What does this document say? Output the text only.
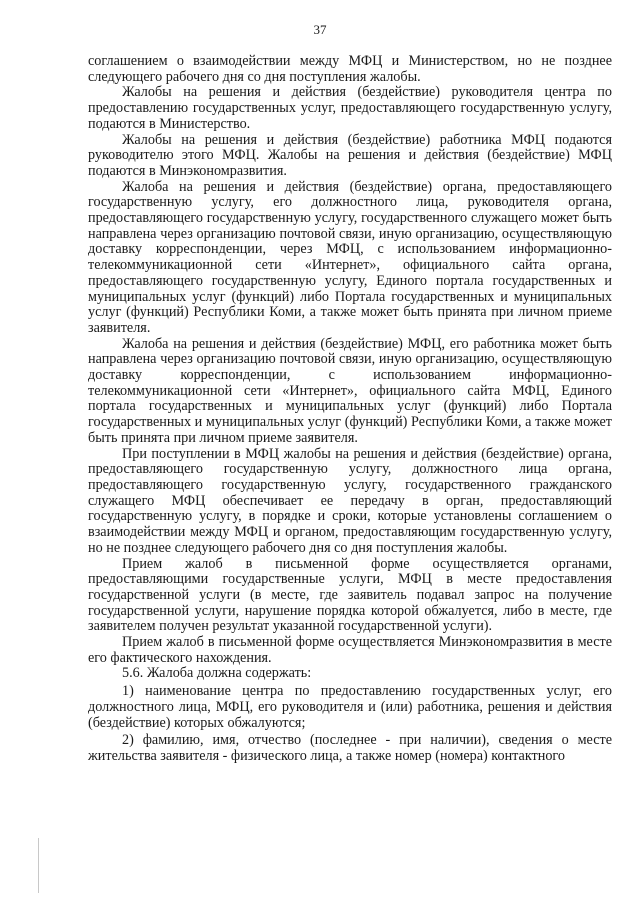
37

соглашением о взаимодействии между МФЦ и Министерством, но не позднее следующего рабочего дня со дня поступления жалобы.

Жалобы на решения и действия (бездействие) руководителя центра по предоставлению государственных услуг, предоставляющего государственную услугу, подаются в Министерство.

Жалобы на решения и действия (бездействие) работника МФЦ подаются руководителю этого МФЦ. Жалобы на решения и действия (бездействие) МФЦ подаются в Минэкономразвития.

Жалоба на решения и действия (бездействие) органа, предоставляющего государственную услугу, его должностного лица, руководителя органа, предоставляющего государственную услугу, государственного служащего может быть направлена через организацию почтовой связи, иную организацию, осуществляющую доставку корреспонденции, через МФЦ, с использованием информационно-телекоммуникационной сети «Интернет», официального сайта органа, предоставляющего государственную услугу, Единого портала государственных и муниципальных услуг (функций) либо Портала государственных и муниципальных услуг (функций) Республики Коми, а также может быть принята при личном приеме заявителя.

Жалоба на решения и действия (бездействие) МФЦ, его работника может быть направлена через организацию почтовой связи, иную организацию, осуществляющую доставку корреспонденции, с использованием информационно-телекоммуникационной сети «Интернет», официального сайта МФЦ, Единого портала государственных и муниципальных услуг (функций) либо Портала государственных и муниципальных услуг (функций) Республики Коми, а также может быть принята при личном приеме заявителя.

При поступлении в МФЦ жалобы на решения и действия (бездействие) органа, предоставляющего государственную услугу, должностного лица органа, предоставляющего государственную услугу, государственного гражданского служащего МФЦ обеспечивает ее передачу в орган, предоставляющий государственную услугу, в порядке и сроки, которые установлены соглашением о взаимодействии между МФЦ и органом, предоставляющим государственную услугу, но не позднее следующего рабочего дня со дня поступления жалобы.

Прием жалоб в письменной форме осуществляется органами, предоставляющими государственные услуги, МФЦ в месте предоставления государственной услуги (в месте, где заявитель подавал запрос на получение государственной услуги, нарушение порядка которой обжалуется, либо в месте, где заявителем получен результат указанной государственной услуги).

Прием жалоб в письменной форме осуществляется Минэкономразвития в месте его фактического нахождения.

5.6. Жалоба должна содержать:

1) наименование центра по предоставлению государственных услуг, его должностного лица, МФЦ, его руководителя и (или) работника, решения и действия (бездействие) которых обжалуются;

2) фамилию, имя, отчество (последнее - при наличии), сведения о месте жительства заявителя - физического лица, а также номер (номера) контактного
